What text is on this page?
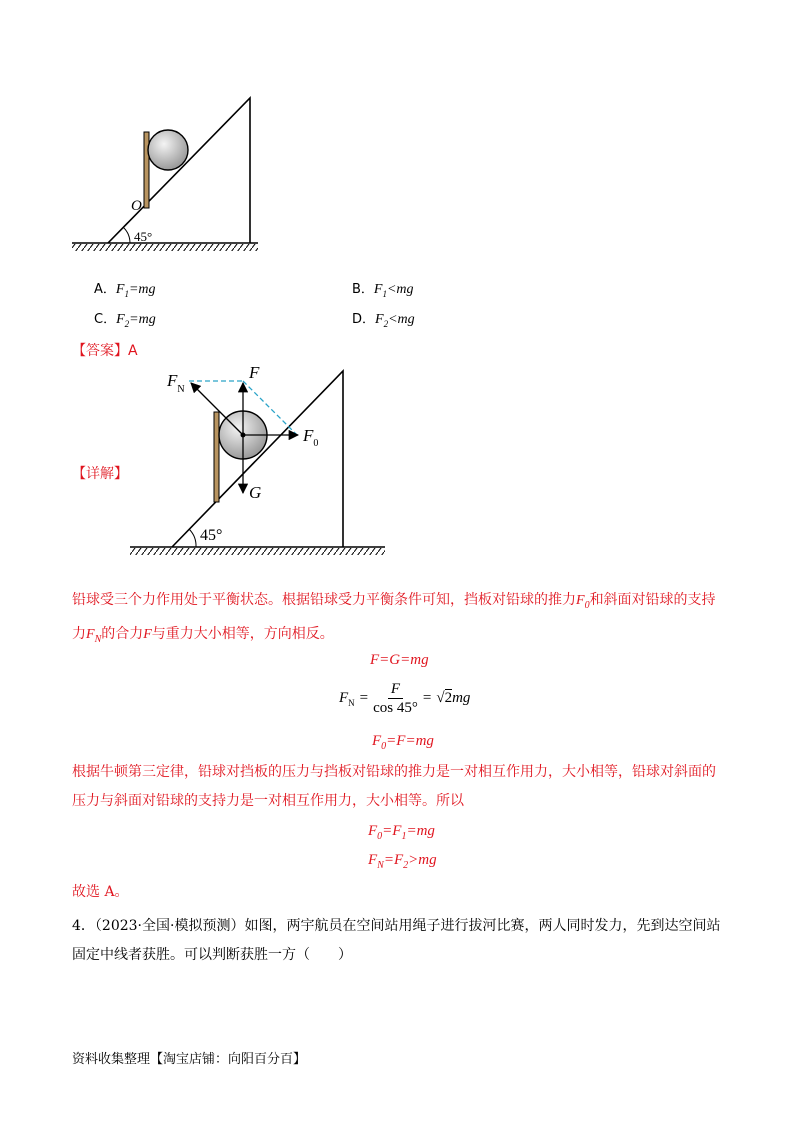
O
45°
A．$F_1=mg$	B．$F_1<mg$
C．$F_2=mg$	D．$F_2<mg$
【答案】A
【详解】
$F_N$
F
$F_0$
G
45°
铅球受三个力作用处于平衡状态。根据铅球受力平衡条件可知，挡板对铅球的推力$F_0$和斜面对铅球的支持
力$F_N$的合力F与重力大小相等，方向相反。
F=G=mg
$F_N = \frac{F}{\cos 45^\circ} = √2$ mg
$F_0=F=mg$
根据牛顿第三定律，铅球对挡板的压力与挡板对铅球的推力是一对相互作用力，大小相等，铅球对斜面的
压力与斜面对铅球的支持力是一对相互作用力，大小相等。所以
$F_0=F_1=mg$
$F_N=F_2>mg$
故选 A。
4．（2023·全国·模拟预测）如图，两宇航员在空间站用绳子进行拔河比赛，两人同时发力，先到达空间站
固定中线者获胜。可以判断获胜一方（　　）
资料收集整理【淘宝店铺：向阳百分百】
